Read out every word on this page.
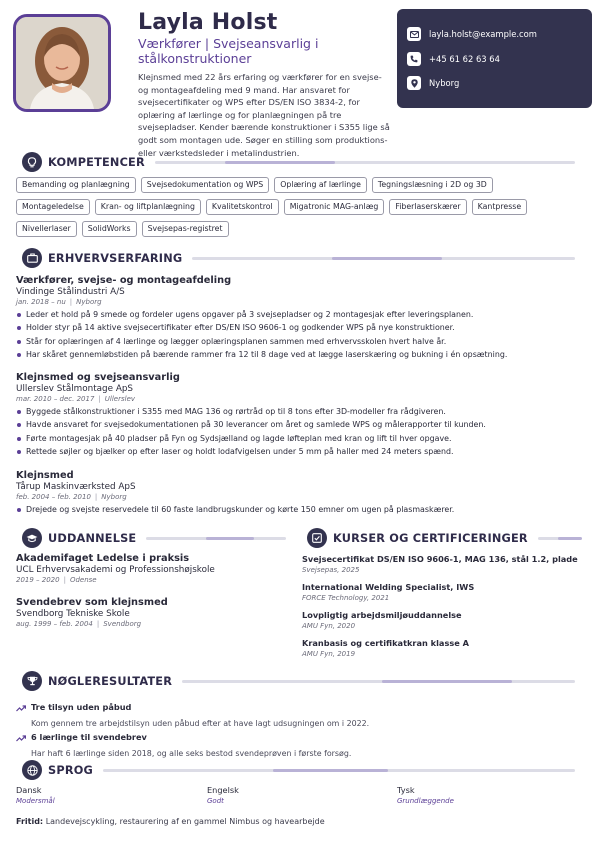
Layla Holst
Værkfører | Svejseansvarlig i stålkonstruktioner
Klejnsmed med 22 års erfaring og værkfører for en svejse- og montageafdeling med 9 mand. Har ansvaret for svejsecertifikater og WPS efter DS/EN ISO 3834-2, for oplæring af lærlinge og for planlægningen på tre svejsepladser. Kender bærende konstruktioner i S355 lige så godt som montagen ude. Søger en stilling som produktions- eller værkstedsleder i metalindustrien.
layla.holst@example.com
+45 61 62 63 64
Nyborg
KOMPETENCER
Bemanding og planlægning	Svejsedokumentation og WPS	Oplæring af lærlinge	Tegningslæsning i 2D og 3D
Montageledelse	Kran- og liftplanlægning	Kvalitetskontrol	Migatronic MAG-anlæg	Fiberlaserskærer	Kantpresse
Nivellerlaser	SolidWorks	Svejsepas-registret
ERHVERVSERFARING
Værkfører, svejse- og montageafdeling
Vindinge Stålindustri A/S
jan. 2018 – nu | Nyborg
Leder et hold på 9 smede og fordeler ugens opgaver på 3 svejsepladser og 2 montagesjak efter leveringsplanen.
Holder styr på 14 aktive svejsecertifikater efter DS/EN ISO 9606-1 og godkender WPS på nye konstruktioner.
Står for oplæringen af 4 lærlinge og lægger oplæringsplanen sammen med erhvervsskolen hvert halve år.
Har skåret gennemløbstiden på bærende rammer fra 12 til 8 dage ved at lægge laserskæring og bukning i én opsætning.
Klejnsmed og svejseansvarlig
Ullerslev Stålmontage ApS
mar. 2010 – dec. 2017 | Ullerslev
Byggede stålkonstruktioner i S355 med MAG 136 og rørtråd op til 8 tons efter 3D-modeller fra rådgiveren.
Havde ansvaret for svejsedokumentationen på 30 leverancer om året og samlede WPS og målerapporter til kunden.
Førte montagesjak på 40 pladser på Fyn og Sydsjælland og lagde løfteplan med kran og lift til hver opgave.
Rettede søjler og bjælker op efter laser og holdt lodafvigelsen under 5 mm på haller med 24 meters spænd.
Klejnsmed
Tårup Maskinværksted ApS
feb. 2004 – feb. 2010 | Nyborg
Drejede og svejste reservedele til 60 faste landbrugskunder og kørte 150 emner om ugen på plasmaskærer.
UDDANNELSE
Akademifaget Ledelse i praksis
UCL Erhvervsakademi og Professionshøjskole
2019 – 2020 | Odense
Svendebrev som klejnsmed
Svendborg Tekniske Skole
aug. 1999 – feb. 2004 | Svendborg
KURSER OG CERTIFICERINGER
Svejsecertifikat DS/EN ISO 9606-1, MAG 136, stål 1.2, plade
Svejsepas, 2025
International Welding Specialist, IWS
FORCE Technology, 2021
Lovpligtig arbejdsmiljøuddannelse
AMU Fyn, 2020
Kranbasis og certifikatkran klasse A
AMU Fyn, 2019
NØGLERESULTATER
Tre tilsyn uden påbud
Kom gennem tre arbejdstilsyn uden påbud efter at have lagt udsugningen om i 2022.
6 lærlinge til svendebrev
Har haft 6 lærlinge siden 2018, og alle seks bestod svendeprøven i første forsøg.
SPROG
Dansk
Modersmål
Engelsk
Godt
Tysk
Grundlæggende
Fritid: Landevejscykling, restaurering af en gammel Nimbus og havearbejde
